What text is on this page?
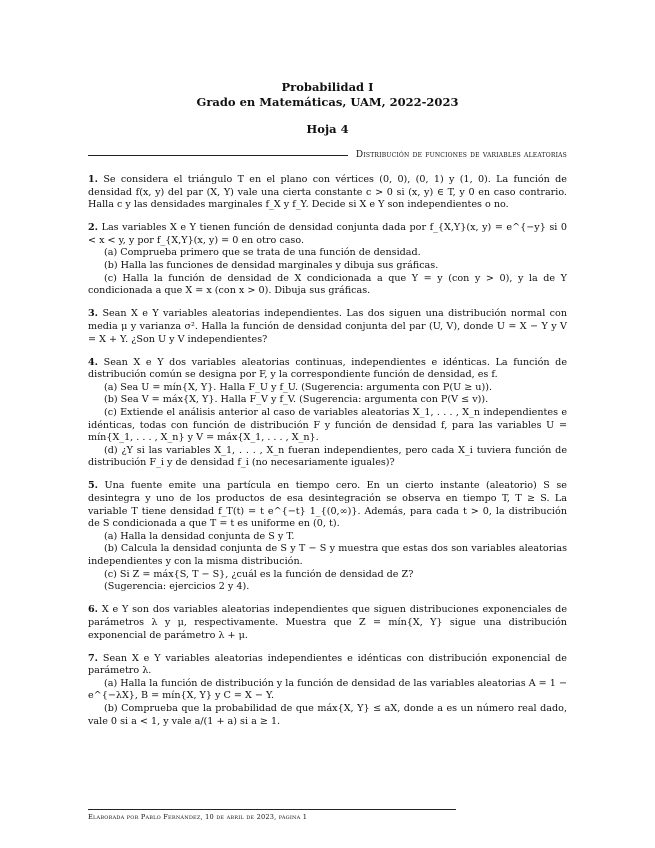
Probabilidad I
Grado en Matemáticas, UAM, 2022-2023
Hoja 4
Distribución de funciones de variables aleatorias

1. Se considera el triángulo T en el plano con vértices (0, 0), (0, 1) y (1, 0). La función de densidad f(x, y) del par (X, Y) vale una cierta constante c > 0 si (x, y) ∈ T, y 0 en caso contrario. Halla c y las densidades marginales f_X y f_Y. Decide si X e Y son independientes o no.

2. Las variables X e Y tienen función de densidad conjunta dada por f_{X,Y}(x, y) = e^{−y} si 0 < x < y, y por f_{X,Y}(x, y) = 0 en otro caso.

(a) Comprueba primero que se trata de una función de densidad.

(b) Halla las funciones de densidad marginales y dibuja sus gráficas.

(c) Halla la función de densidad de X condicionada a que Y = y (con y > 0), y la de Y condicionada a que X = x (con x > 0). Dibuja sus gráficas.

3. Sean X e Y variables aleatorias independientes. Las dos siguen una distribución normal con media μ y varianza σ². Halla la función de densidad conjunta del par (U, V), donde U = X − Y y V = X + Y. ¿Son U y V independientes?

4. Sean X e Y dos variables aleatorias continuas, independientes e idénticas. La función de distribución común se designa por F, y la correspondiente función de densidad, es f.

(a) Sea U = mín{X, Y}. Halla F_U y f_U. (Sugerencia: argumenta con P(U ≥ u)).

(b) Sea V = máx{X, Y}. Halla F_V y f_V. (Sugerencia: argumenta con P(V ≤ v)).

(c) Extiende el análisis anterior al caso de variables aleatorias X_1, . . . , X_n independientes e idénticas, todas con función de distribución F y función de densidad f, para las variables U = mín{X_1, . . . , X_n} y V = máx{X_1, . . . , X_n}.

(d) ¿Y si las variables X_1, . . . , X_n fueran independientes, pero cada X_i tuviera función de distribución F_i y de densidad f_i (no necesariamente iguales)?

5. Una fuente emite una partícula en tiempo cero. En un cierto instante (aleatorio) S se desintegra y uno de los productos de esa desintegración se observa en tiempo T, T ≥ S. La variable T tiene densidad f_T(t) = t e^{−t} 1_{(0,∞)}. Además, para cada t > 0, la distribución de S condicionada a que T = t es uniforme en (0, t).

(a) Halla la densidad conjunta de S y T.

(b) Calcula la densidad conjunta de S y T − S y muestra que estas dos son variables aleatorias independientes y con la misma distribución.

(c) Si Z = máx{S, T − S}, ¿cuál es la función de densidad de Z?

(Sugerencia: ejercicios 2 y 4).

6. X e Y son dos variables aleatorias independientes que siguen distribuciones exponenciales de parámetros λ y μ, respectivamente. Muestra que Z = mín{X, Y} sigue una distribución exponencial de parámetro λ + μ.

7. Sean X e Y variables aleatorias independientes e idénticas con distribución exponencial de parámetro λ.

(a) Halla la función de distribución y la función de densidad de las variables aleatorias A = 1 − e^{−λX}, B = mín{X, Y} y C = X − Y.

(b) Comprueba que la probabilidad de que máx{X, Y} ≤ aX, donde a es un número real dado, vale 0 si a < 1, y vale a/(1 + a) si a ≥ 1.

Elaborada por Pablo Fernández, 10 de abril de 2023, página 1
